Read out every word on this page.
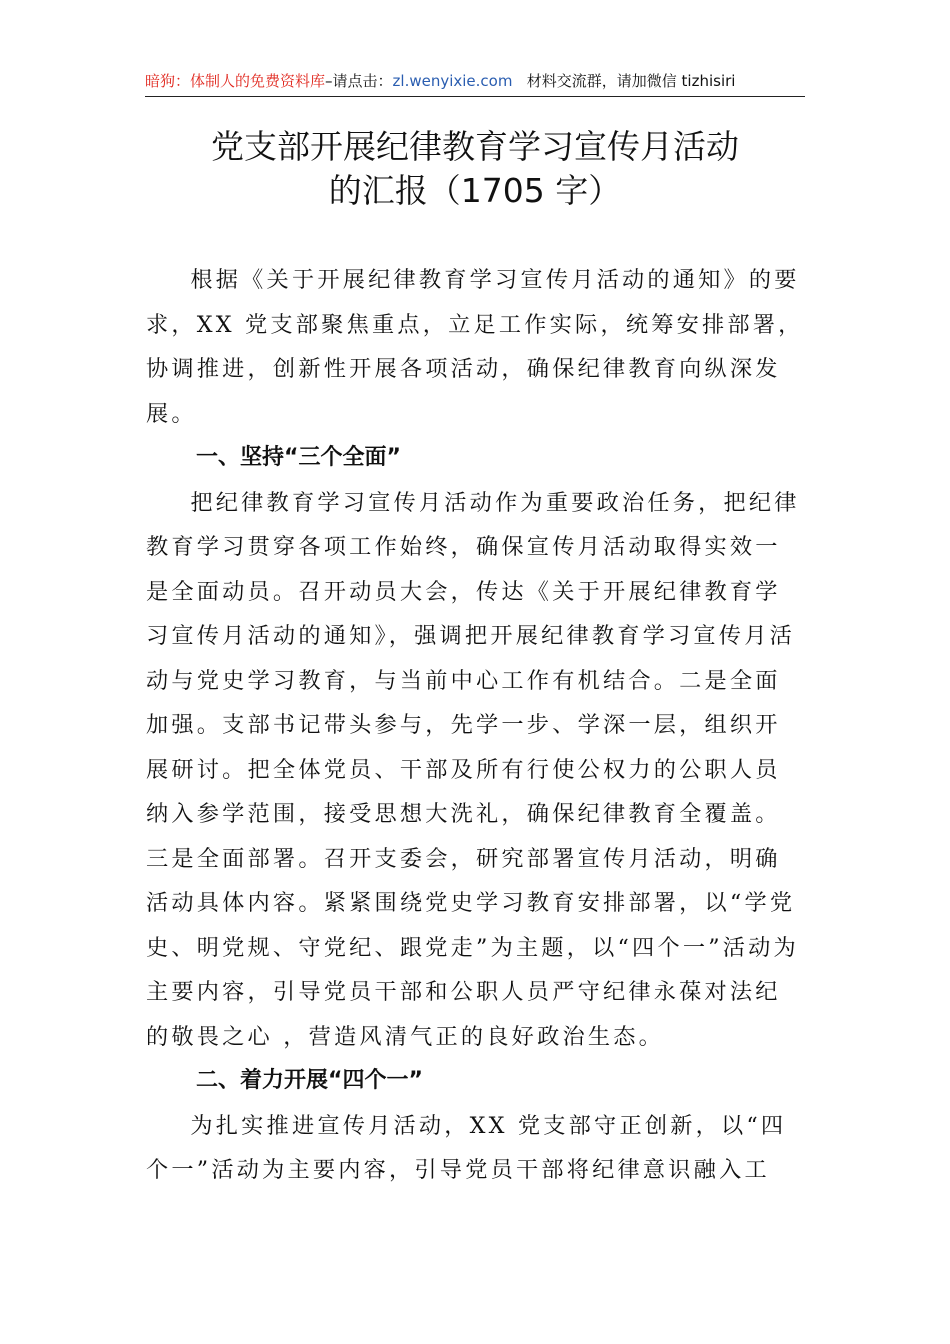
暗狗：体制人的免费资料库–请点击：zl.wenyixie.com 材料交流群，请加微信 tizhisiri
党支部开展纪律教育学习宣传月活动
的汇报（1705 字）

根据《关于开展纪律教育学习宣传月活动的通知》的要求，XX 党支部聚焦重点，立足工作实际，统筹安排部署，协调推进，创新性开展各项活动，确保纪律教育向纵深发展。

一、坚持“三个全面”

把纪律教育学习宣传月活动作为重要政治任务，把纪律教育学习贯穿各项工作始终，确保宣传月活动取得实效一是全面动员。召开动员大会，传达《关于开展纪律教育学习宣传月活动的通知》，强调把开展纪律教育学习宣传月活动与党史学习教育，与当前中心工作有机结合。二是全面加强。支部书记带头参与，先学一步、学深一层，组织开展研讨。把全体党员、干部及所有行使公权力的公职人员纳入参学范围，接受思想大洗礼，确保纪律教育全覆盖。三是全面部署。召开支委会，研究部署宣传月活动，明确活动具体内容。紧紧围绕党史学习教育安排部署，以“学党史、明党规、守党纪、跟党走”为主题，以“四个一”活动为主要内容，引导党员干部和公职人员严守纪律永葆对法纪的敬畏之心 ，营造风清气正的良好政治生态。

二、着力开展“四个一”

为扎实推进宣传月活动，XX 党支部守正创新，以“四个一”活动为主要内容，引导党员干部将纪律意识融入工
